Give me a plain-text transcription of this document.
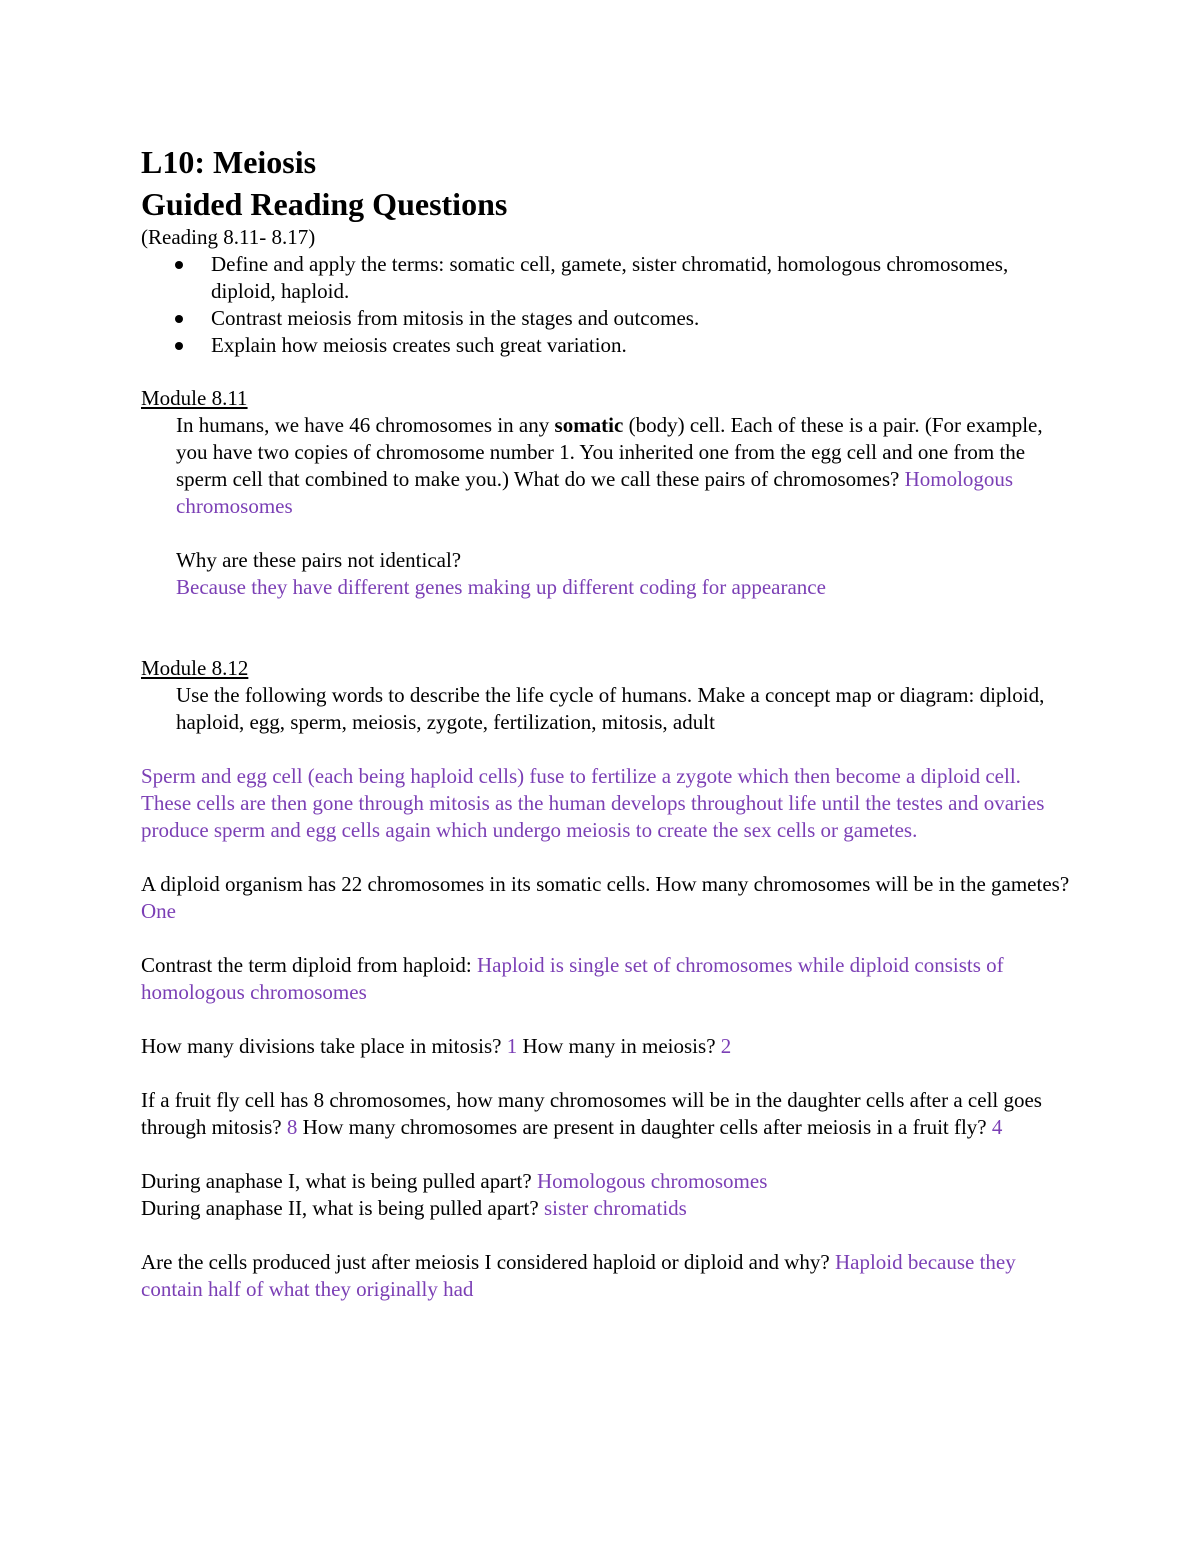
L10: Meiosis
Guided Reading Questions

(Reading 8.11- 8.17)

Define and apply the terms: somatic cell, gamete, sister chromatid, homologous chromosomes, diploid, haploid.
Contrast meiosis from mitosis in the stages and outcomes.
Explain how meiosis creates such great variation.

Module 8.11

In humans, we have 46 chromosomes in any somatic (body) cell. Each of these is a pair. (For example, you have two copies of chromosome number 1. You inherited one from the egg cell and one from the sperm cell that combined to make you.) What do we call these pairs of chromosomes? Homologous chromosomes

Why are these pairs not identical?

Because they have different genes making up different coding for appearance

Module 8.12

Use the following words to describe the life cycle of humans. Make a concept map or diagram: diploid, haploid, egg, sperm, meiosis, zygote, fertilization, mitosis, adult

Sperm and egg cell (each being haploid cells) fuse to fertilize a zygote which then become a diploid cell. These cells are then gone through mitosis as the human develops throughout life until the testes and ovaries produce sperm and egg cells again which undergo meiosis to create the sex cells or gametes.

A diploid organism has 22 chromosomes in its somatic cells. How many chromosomes will be in the gametes? One

Contrast the term diploid from haploid: Haploid is single set of chromosomes while diploid consists of homologous chromosomes

How many divisions take place in mitosis? 1 How many in meiosis? 2

If a fruit fly cell has 8 chromosomes, how many chromosomes will be in the daughter cells after a cell goes through mitosis? 8 How many chromosomes are present in daughter cells after meiosis in a fruit fly? 4

During anaphase I, what is being pulled apart? Homologous chromosomes

During anaphase II, what is being pulled apart? sister chromatids

Are the cells produced just after meiosis I considered haploid or diploid and why? Haploid because they contain half of what they originally had
